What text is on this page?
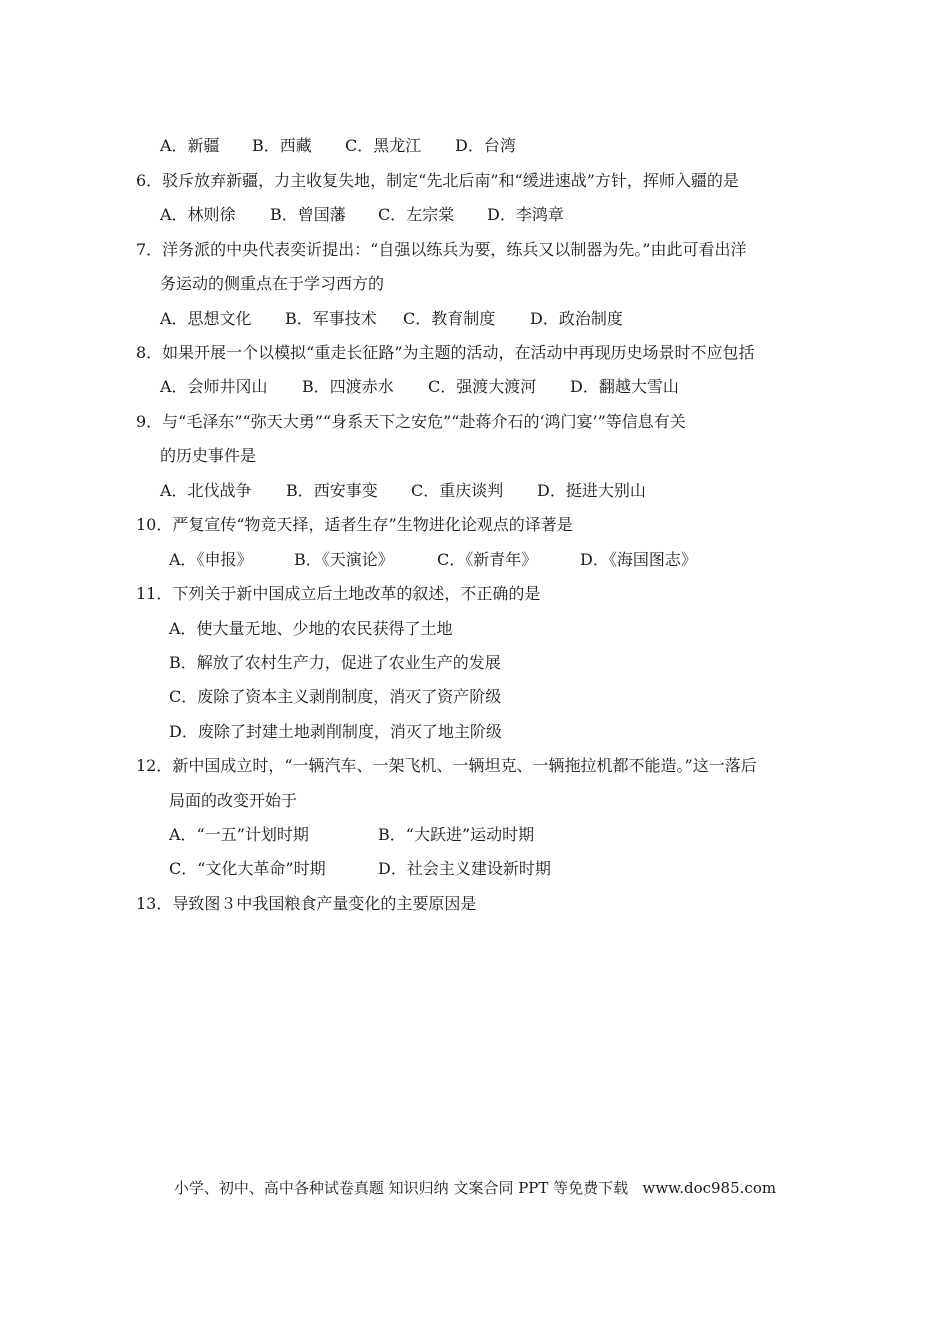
A．新疆 B．西藏 C．黑龙江 D．台湾
6．驳斥放弃新疆，力主收复失地，制定“先北后南”和“缓进速战”方针，挥师入疆的是
A．林则徐 B．曾国藩 C．左宗棠 D．李鸿章
7．洋务派的中央代表奕䜣提出：“自强以练兵为要，练兵又以制器为先。”由此可看出洋
务运动的侧重点在于学习西方的
A．思想文化 B．军事技术 C．教育制度 D．政治制度
8．如果开展一个以模拟“重走长征路”为主题的活动，在活动中再现历史场景时不应包括
A．会师井冈山 B．四渡赤水 C．强渡大渡河 D．翻越大雪山
9．与“毛泽东”“弥天大勇”“身系天下之安危”“赴蒋介石的‘鸿门宴’”等信息有关
的历史事件是
A．北伐战争 B．西安事变 C．重庆谈判 D．挺进大别山
10．严复宣传“物竞天择，适者生存”生物进化论观点的译著是
A．《申报》	B．《天演论》	C．《新青年》	D．《海国图志》
11．下列关于新中国成立后土地改革的叙述，不正确的是
A．使大量无地、少地的农民获得了土地
B．解放了农村生产力，促进了农业生产的发展
C．废除了资本主义剥削制度，消灭了资产阶级
D．废除了封建土地剥削制度，消灭了地主阶级
12．新中国成立时，“一辆汽车、一架飞机、一辆坦克、一辆拖拉机都不能造。”这一落后
局面的改变开始于
A．“一五”计划时期	B．“大跃进”运动时期
C．“文化大革命”时期	D．社会主义建设新时期
13．导致图３中我国粮食产量变化的主要原因是
小学、初中、高中各种试卷真题 知识归纳 文案合同 PPT 等免费下载   www.doc985.com
